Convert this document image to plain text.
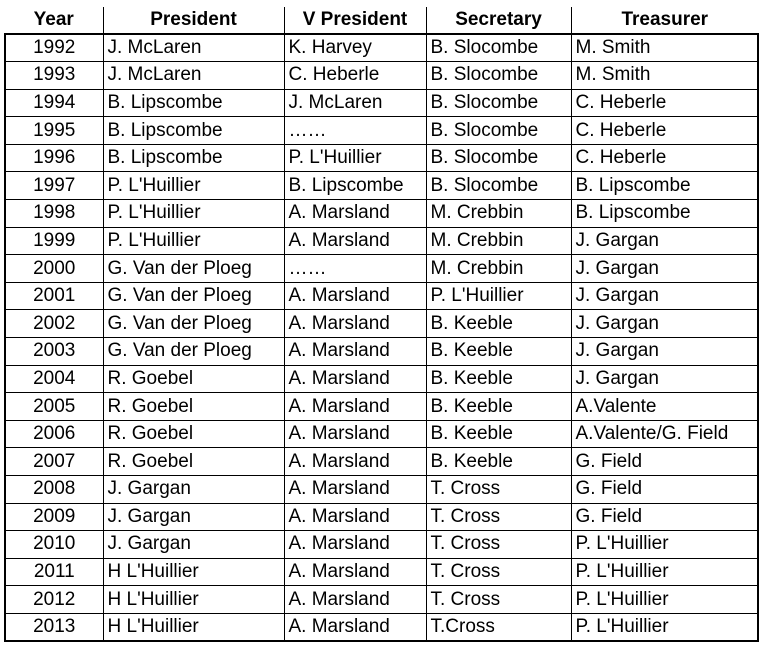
Year	President	V President	Secretary	Treasurer
1992	J. McLaren	K. Harvey	B. Slocombe	M. Smith
1993	J. McLaren	C. Heberle	B. Slocombe	M. Smith
1994	B. Lipscombe	J. McLaren	B. Slocombe	C. Heberle
1995	B. Lipscombe	……	B. Slocombe	C. Heberle
1996	B. Lipscombe	P. L'Huillier	B. Slocombe	C. Heberle
1997	P. L'Huillier	B. Lipscombe	B. Slocombe	B. Lipscombe
1998	P. L'Huillier	A. Marsland	M. Crebbin	B. Lipscombe
1999	P. L'Huillier	A. Marsland	M. Crebbin	J. Gargan
2000	G. Van der Ploeg	……	M. Crebbin	J. Gargan
2001	G. Van der Ploeg	A. Marsland	P. L'Huillier	J. Gargan
2002	G. Van der Ploeg	A. Marsland	B. Keeble	J. Gargan
2003	G. Van der Ploeg	A. Marsland	B. Keeble	J. Gargan
2004	R. Goebel	A. Marsland	B. Keeble	J. Gargan
2005	R. Goebel	A. Marsland	B. Keeble	A.Valente
2006	R. Goebel	A. Marsland	B. Keeble	A.Valente/G. Field
2007	R. Goebel	A. Marsland	B. Keeble	G. Field
2008	J. Gargan	A. Marsland	T. Cross	G. Field
2009	J. Gargan	A. Marsland	T. Cross	G. Field
2010	J. Gargan	A. Marsland	T. Cross	P. L'Huillier
2011	H L'Huillier	A. Marsland	T. Cross	P. L'Huillier
2012	H L'Huillier	A. Marsland	T. Cross	P. L'Huillier
2013	H L'Huillier	A. Marsland	T.Cross	P. L'Huillier
